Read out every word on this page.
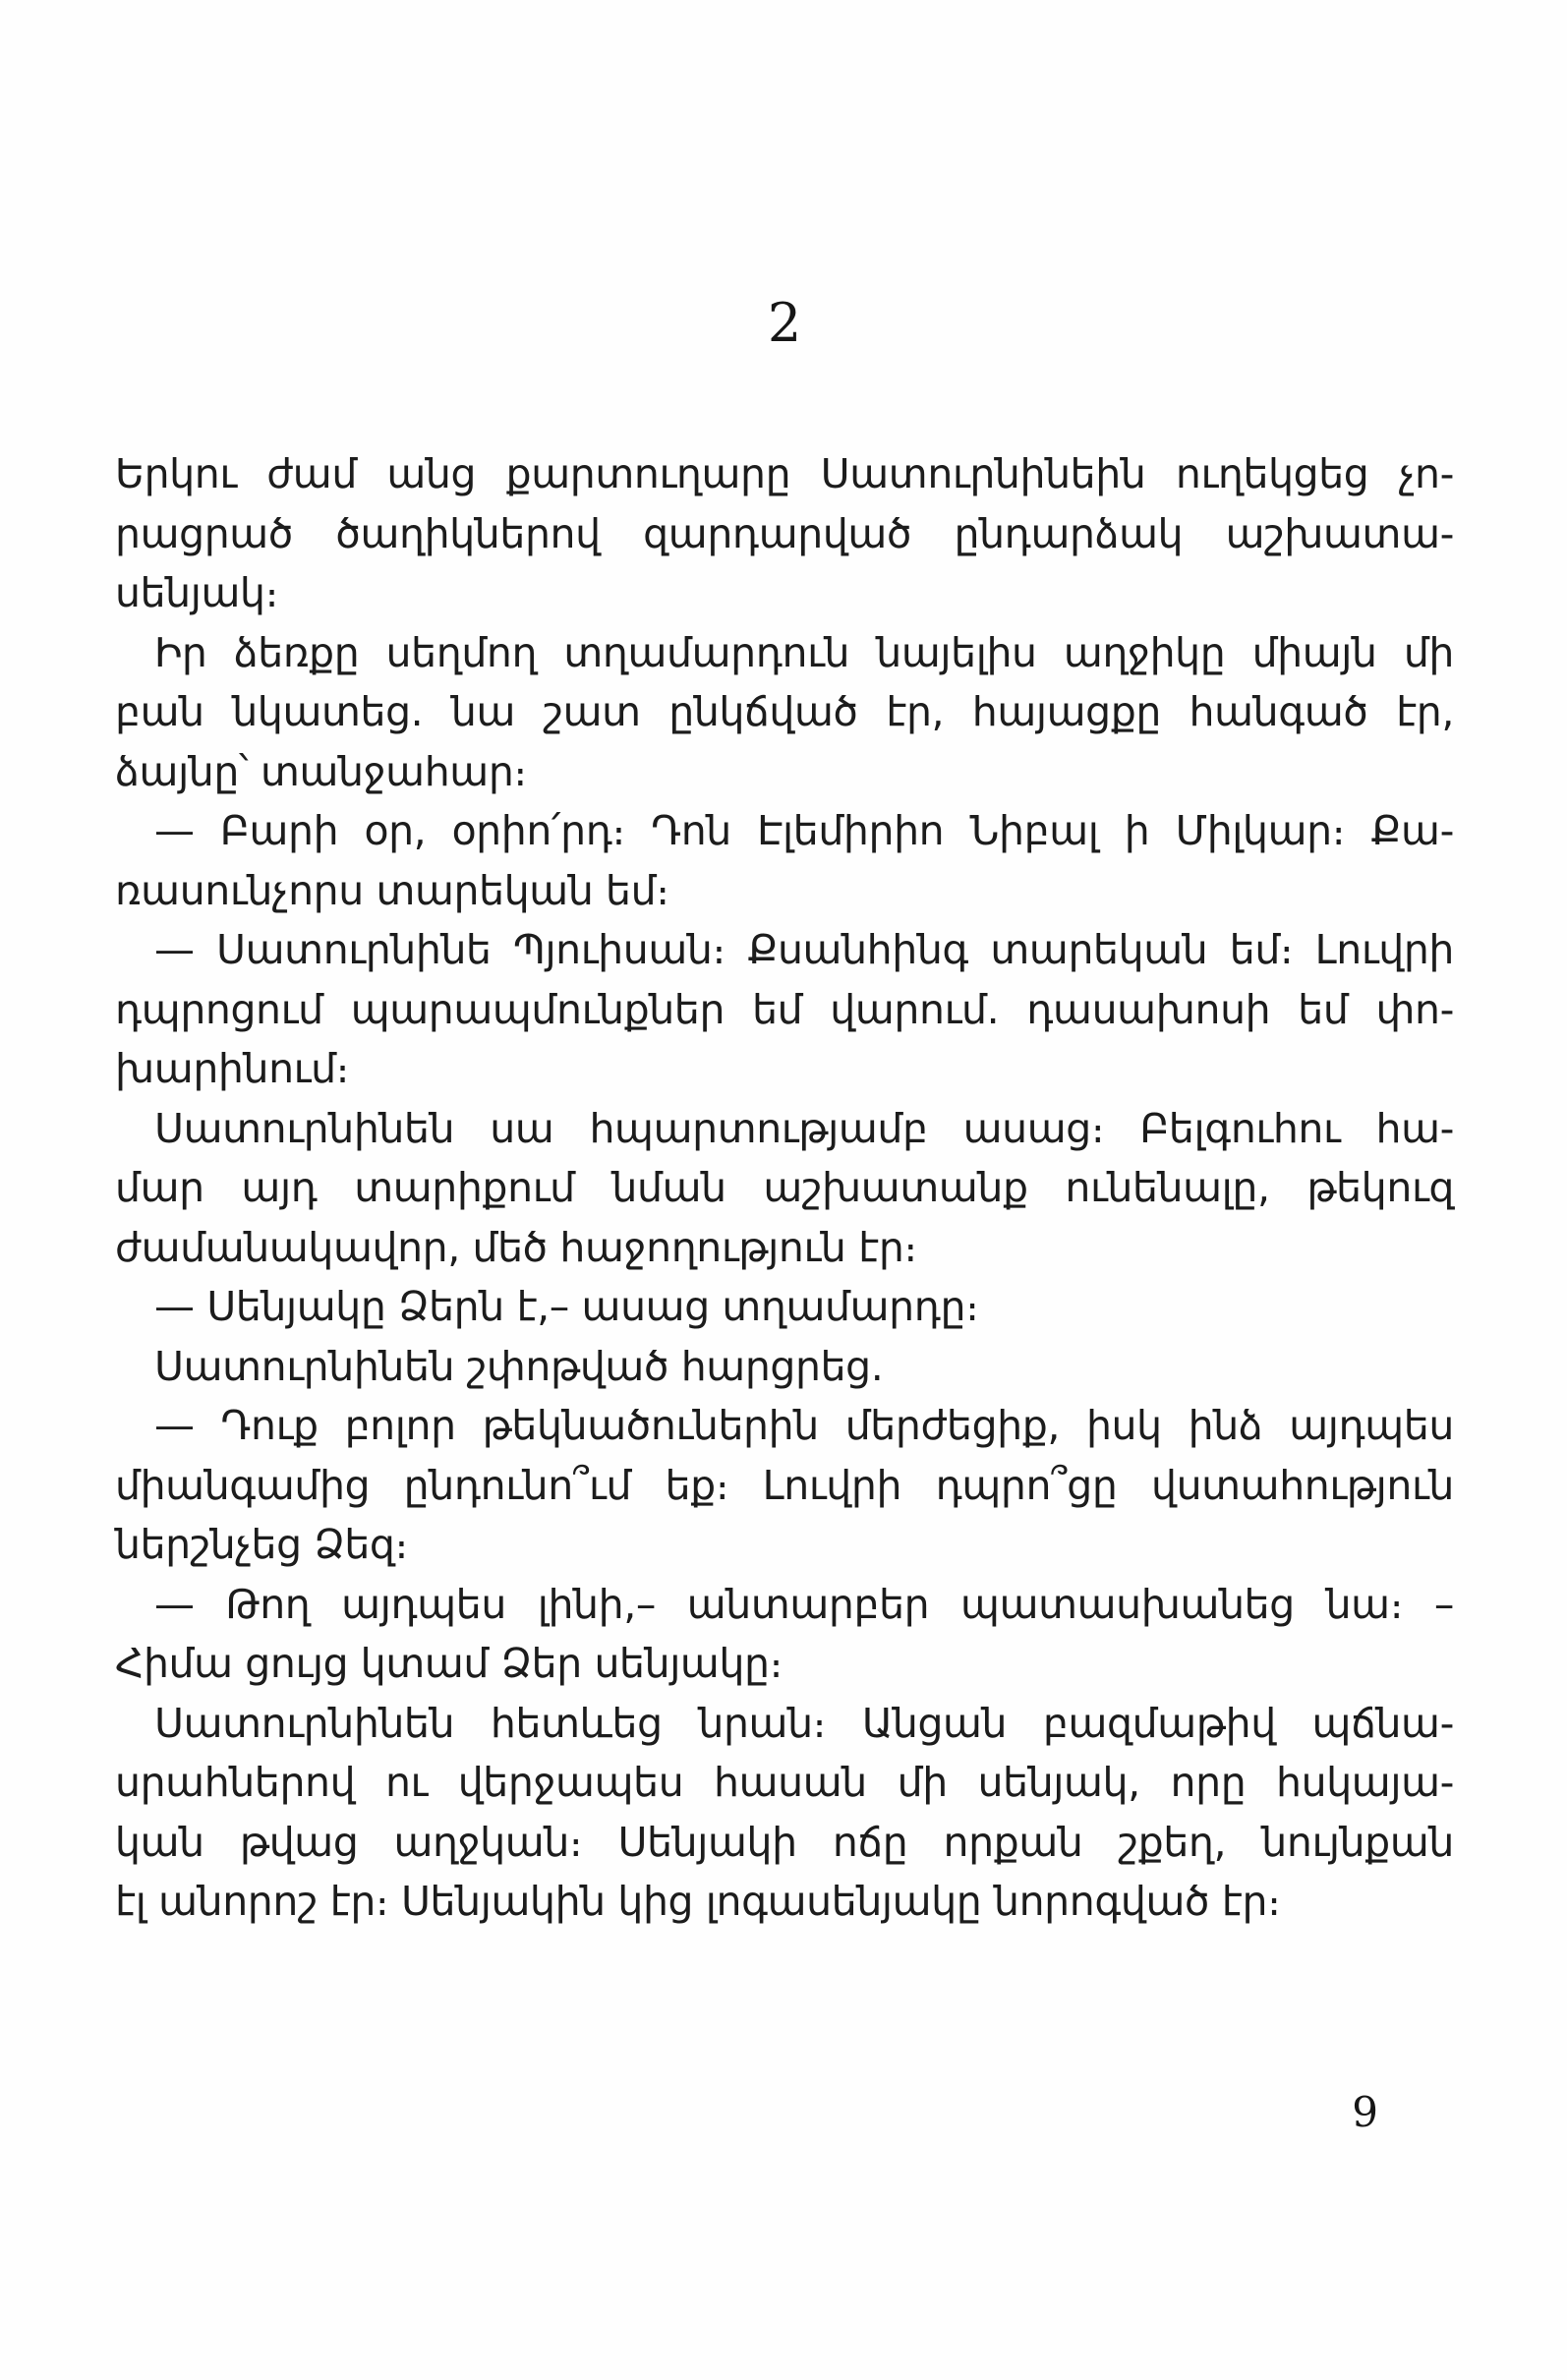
2

Երկու ժամ անց քարտուղարը Սատուրնինեին ուղեկցեց չո-
րացրած ծաղիկներով զարդարված ընդարձակ աշխատա-
սենյակ։

Իր ձեռքը սեղմող տղամարդուն նայելիս աղջիկը միայն մի
բան նկատեց. նա շատ ընկճված էր, հայացքը հանգած էր,
ձայնը՝ տանջահար։

— Բարի օր, օրիո՛րդ։ Դոն Էլեմիրիո Նիբալ ի Միլկար։ Քա-
ռասունչորս տարեկան եմ։

— Սատուրնինե Պյուիսան։ Քսանհինգ տարեկան եմ։ Լուվրի
դպրոցում պարապմունքներ եմ վարում. դասախոսի եմ փո-
խարինում։

Սատուրնինեն սա հպարտությամբ ասաց։ Բելգուհու հա-
մար այդ տարիքում նման աշխատանք ունենալը, թեկուզ
ժամանակավոր, մեծ հաջողություն էր։

— Սենյակը Ձերն է,– ասաց տղամարդը։

Սատուրնինեն շփոթված հարցրեց.

— Դուք բոլոր թեկնածուներին մերժեցիք, իսկ ինձ այդպես
միանգամից ընդունո՞ւմ եք։ Լուվրի դպրո՞ցը վստահություն
ներշնչեց Ձեզ։

— Թող այդպես լինի,– անտարբեր պատասխանեց նա։ –
Հիմա ցույց կտամ Ձեր սենյակը։

Սատուրնինեն հետևեց նրան։ Անցան բազմաթիվ պճնա-
սրահներով ու վերջապես հասան մի սենյակ, որը հսկայա-
կան թվաց աղջկան։ Սենյակի ոճը որքան շքեղ, նույնքան
էլ անորոշ էր։ Սենյակին կից լոգասենյակը նորոգված էր։

9
